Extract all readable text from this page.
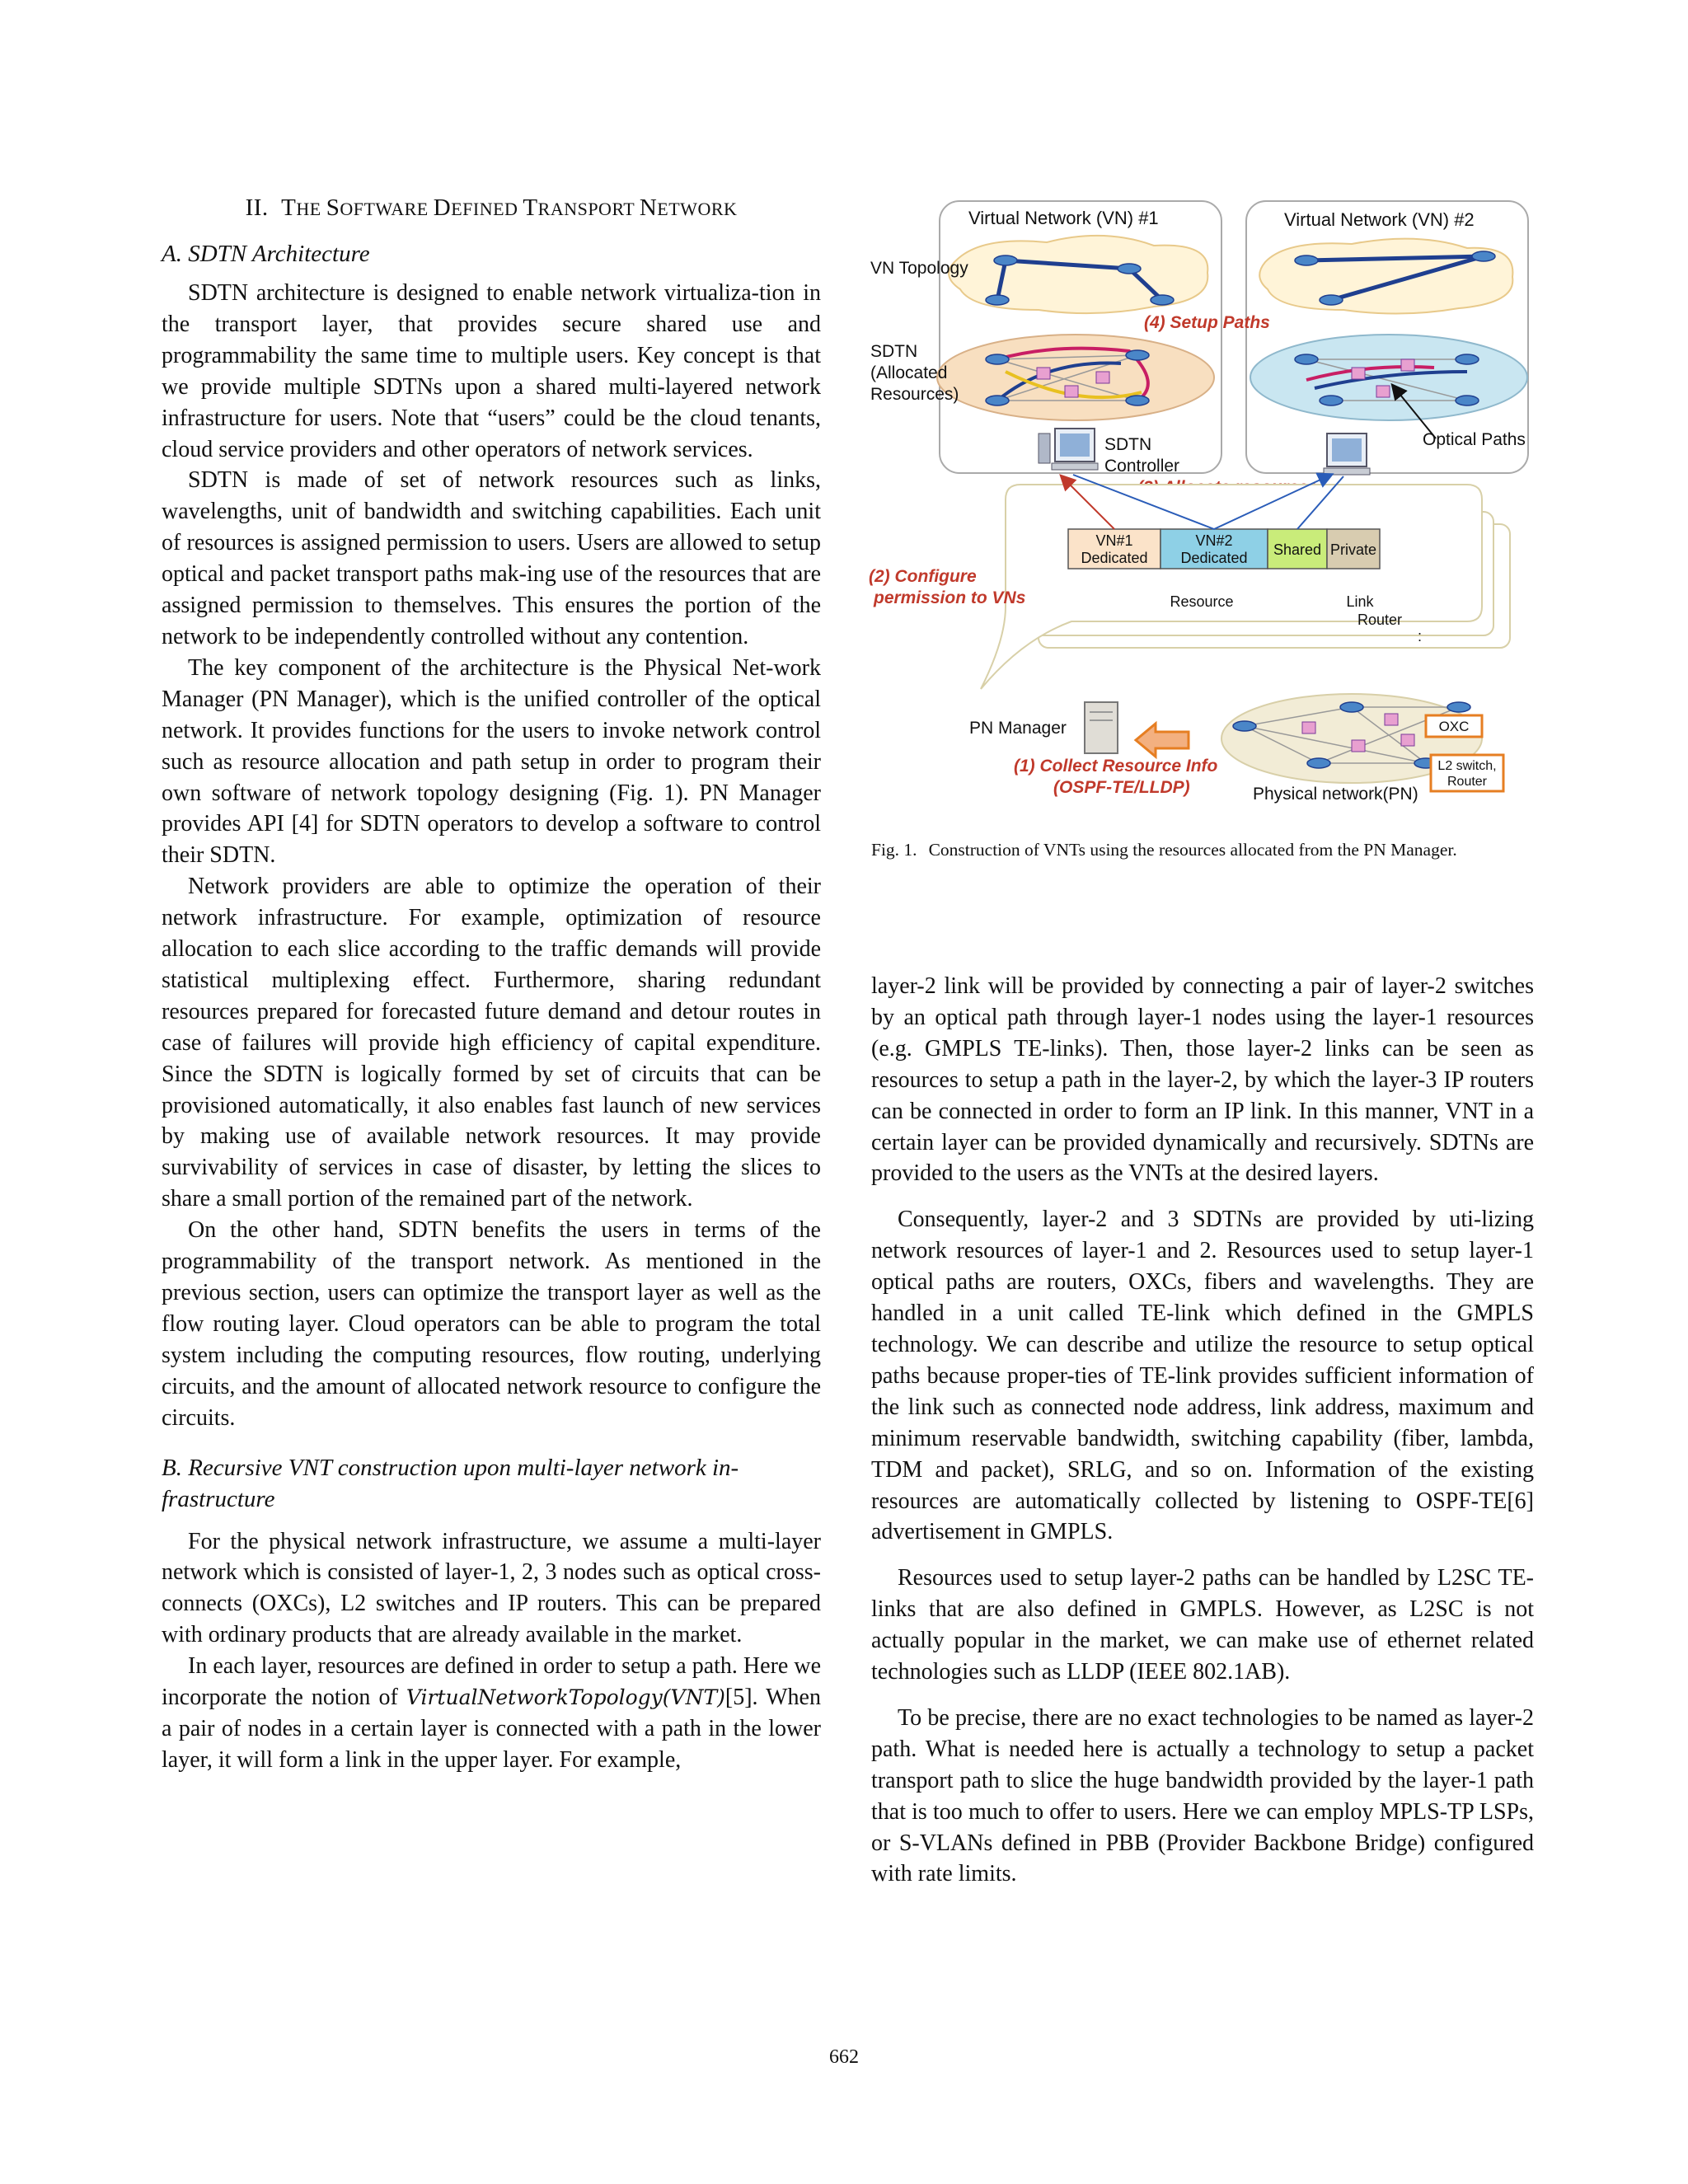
II. THE SOFTWARE DEFINED TRANSPORT NETWORK
A. SDTN Architecture

SDTN architecture is designed to enable network virtualiza-tion in the transport layer, that provides secure shared use and programmability the same time to multiple users. Key concept is that we provide multiple SDTNs upon a shared multi-layered network infrastructure for users. Note that “users” could be the cloud tenants, cloud service providers and other operators of network services.

SDTN is made of set of network resources such as links, wavelengths, unit of bandwidth and switching capabilities. Each unit of resources is assigned permission to users. Users are allowed to setup optical and packet transport paths mak-ing use of the resources that are assigned permission to themselves. This ensures the portion of the network to be independently controlled without any contention.

The key component of the architecture is the Physical Net-work Manager (PN Manager), which is the unified controller of the optical network. It provides functions for the users to invoke network control such as resource allocation and path setup in order to program their own software of network topology designing (Fig. 1). PN Manager provides API [4] for SDTN operators to develop a software to control their SDTN.

Network providers are able to optimize the operation of their network infrastructure. For example, optimization of resource allocation to each slice according to the traffic demands will provide statistical multiplexing effect. Furthermore, sharing redundant resources prepared for forecasted future demand and detour routes in case of failures will provide high efficiency of capital expenditure. Since the SDTN is logically formed by set of circuits that can be provisioned automatically, it also enables fast launch of new services by making use of available network resources. It may provide survivability of services in case of disaster, by letting the slices to share a small portion of the remained part of the network.

On the other hand, SDTN benefits the users in terms of the programmability of the transport network. As mentioned in the previous section, users can optimize the transport layer as well as the flow routing layer. Cloud operators can be able to program the total system including the computing resources, flow routing, underlying circuits, and the amount of allocated network resource to configure the circuits.

B. Recursive VNT construction upon multi-layer network in-frastructure

For the physical network infrastructure, we assume a multi-layer network which is consisted of layer-1, 2, 3 nodes such as optical cross-connects (OXCs), L2 switches and IP routers. This can be prepared with ordinary products that are already available in the market.

In each layer, resources are defined in order to setup a path. Here we incorporate the notion of VirtualNetworkTopology(VNT)[5]. When a pair of nodes in a certain layer is connected with a path in the lower layer, it will form a link in the upper layer. For example,

Virtual Network (VN) #1	Virtual Network (VN) #2
VN Topology
SDTN
(Allocated
Resources)
(4) Setup Paths
Optical Paths
SDTN
Controller
VN#1
Dedicated
VN#2
Dedicated Shared Private
Resource	Link
Router
:
(2) Configure
permission to VNs
PN Manager
(1) Collect Resource Info
(OSPF-TE/LLDP)	Physical network(PN)
OXC
L2 switch,
Router
Fig. 1. Construction of VNTs using the resources allocated from the PN Manager.

layer-2 link will be provided by connecting a pair of layer-2 switches by an optical path through layer-1 nodes using the layer-1 resources (e.g. GMPLS TE-links). Then, those layer-2 links can be seen as resources to setup a path in the layer-2, by which the layer-3 IP routers can be connected in order to form an IP link. In this manner, VNT in a certain layer can be provided dynamically and recursively. SDTNs are provided to the users as the VNTs at the desired layers.

Consequently, layer-2 and 3 SDTNs are provided by uti-lizing network resources of layer-1 and 2. Resources used to setup layer-1 optical paths are routers, OXCs, fibers and wavelengths. They are handled in a unit called TE-link which defined in the GMPLS technology. We can describe and utilize the resource to setup optical paths because proper-ties of TE-link provides sufficient information of the link such as connected node address, link address, maximum and minimum reservable bandwidth, switching capability (fiber, lambda, TDM and packet), SRLG, and so on. Information of the existing resources are automatically collected by listening to OSPF-TE[6] advertisement in GMPLS.

Resources used to setup layer-2 paths can be handled by L2SC TE-links that are also defined in GMPLS. However, as L2SC is not actually popular in the market, we can make use of ethernet related technologies such as LLDP (IEEE 802.1AB).

To be precise, there are no exact technologies to be named as layer-2 path. What is needed here is actually a technology to setup a packet transport path to slice the huge bandwidth provided by the layer-1 path that is too much to offer to users. Here we can employ MPLS-TP LSPs, or S-VLANs defined in PBB (Provider Backbone Bridge) configured with rate limits.

662
